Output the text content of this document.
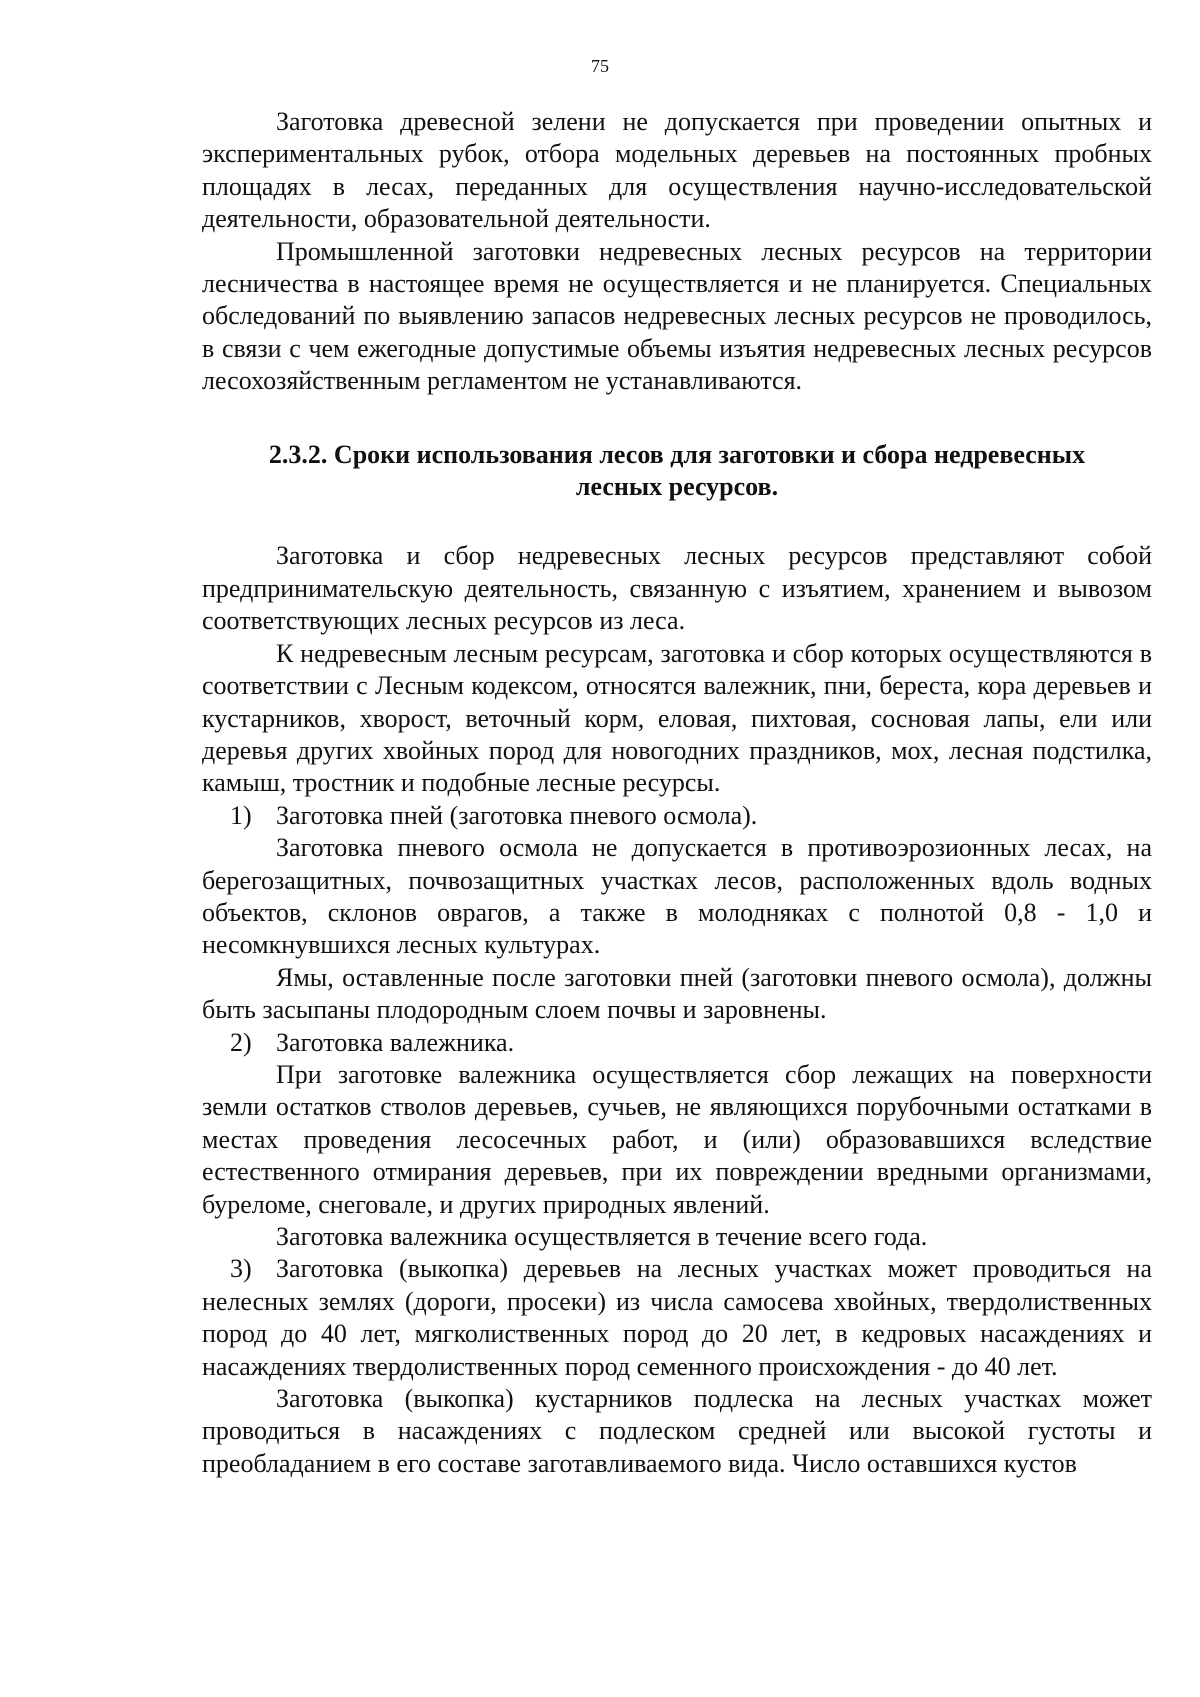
75

Заготовка древесной зелени не допускается при проведении опытных и экспериментальных рубок, отбора модельных деревьев на постоянных пробных площадях в лесах, переданных для осуществления научно-исследовательской деятельности, образовательной деятельности.

Промышленной заготовки недревесных лесных ресурсов на территории лесничества в настоящее время не осуществляется и не планируется. Специальных обследований по выявлению запасов недревесных лесных ресурсов не проводилось, в связи с чем ежегодные допустимые объемы изъятия недревесных лесных ресурсов лесохозяйственным регламентом не устанавливаются.

2.3.2. Сроки использования лесов для заготовки и сбора недревесных
лесных ресурсов.

Заготовка и сбор недревесных лесных ресурсов представляют собой предпринимательскую деятельность, связанную с изъятием, хранением и вывозом соответствующих лесных ресурсов из леса.

К недревесным лесным ресурсам, заготовка и сбор которых осуществляются в соответствии с Лесным кодексом, относятся валежник, пни, береста, кора деревьев и кустарников, хворост, веточный корм, еловая, пихтовая, сосновая лапы, ели или деревья других хвойных пород для новогодних праздников, мох, лесная подстилка, камыш, тростник и подобные лесные ресурсы.

1) Заготовка пней (заготовка пневого осмола).

Заготовка пневого осмола не допускается в противоэрозионных лесах, на берегозащитных, почвозащитных участках лесов, расположенных вдоль водных объектов, склонов оврагов, а также в молодняках с полнотой 0,8 - 1,0 и несомкнувшихся лесных культурах.

Ямы, оставленные после заготовки пней (заготовки пневого осмола), должны быть засыпаны плодородным слоем почвы и заровнены.

2) Заготовка валежника.

При заготовке валежника осуществляется сбор лежащих на поверхности земли остатков стволов деревьев, сучьев, не являющихся порубочными остатками в местах проведения лесосечных работ, и (или) образовавшихся вследствие естественного отмирания деревьев, при их повреждении вредными организмами, буреломе, снеговале, и других природных явлений.

Заготовка валежника осуществляется в течение всего года.

3) Заготовка (выкопка) деревьев на лесных участках может проводиться на нелесных землях (дороги, просеки) из числа самосева хвойных, твердолиственных пород до 40 лет, мягколиственных пород до 20 лет, в кедровых насаждениях и насаждениях твердолиственных пород семенного происхождения - до 40 лет.

Заготовка (выкопка) кустарников подлеска на лесных участках может проводиться в насаждениях с подлеском средней или высокой густоты и преобладанием в его составе заготавливаемого вида. Число оставшихся кустов
